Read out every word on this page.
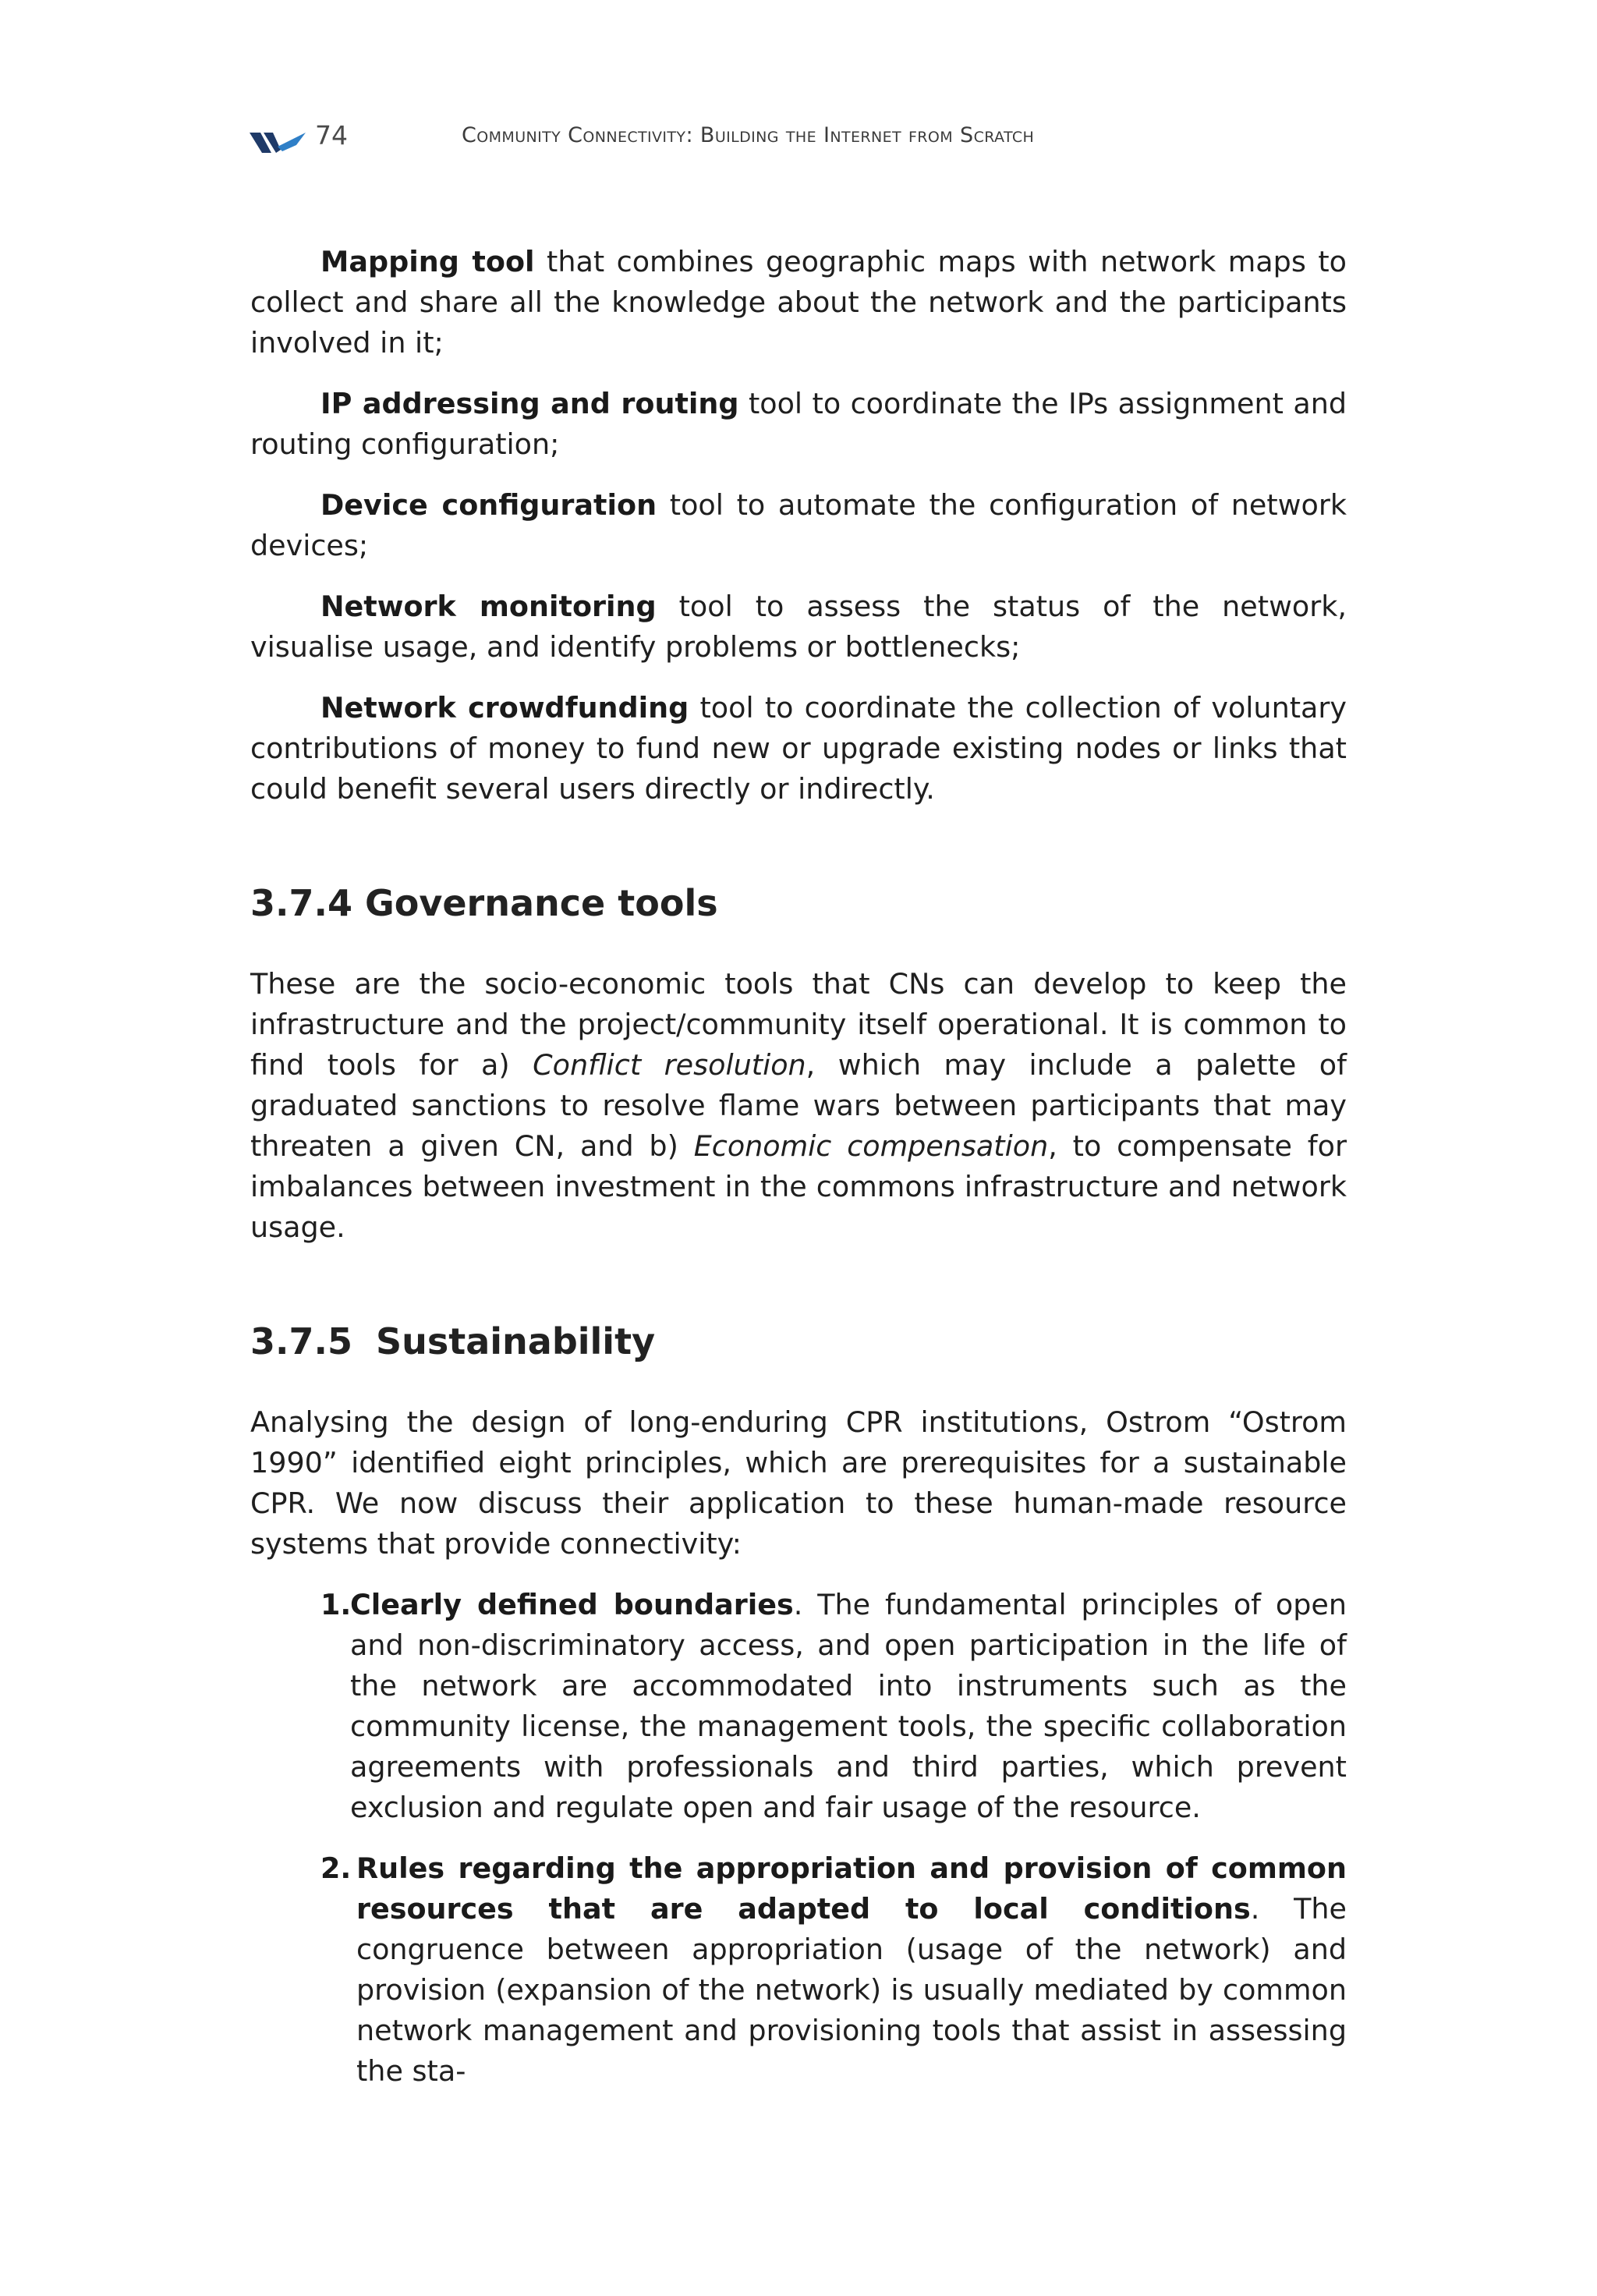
74	Community Connectivity: Building the Internet from Scratch

Mapping tool that combines geographic maps with network maps to collect and share all the knowledge about the network and the participants involved in it;

IP addressing and routing tool to coordinate the IPs assignment and routing configuration;

Device configuration tool to automate the configuration of network devices;

Network monitoring tool to assess the status of the network, visualise usage, and identify problems or bottlenecks;

Network crowdfunding tool to coordinate the collection of voluntary contributions of money to fund new or upgrade existing nodes or links that could benefit several users directly or indirectly.

3.7.4 Governance tools

These are the socio-economic tools that CNs can develop to keep the infrastructure and the project/community itself operational. It is common to find tools for a) Conflict resolution, which may include a palette of graduated sanctions to resolve flame wars between participants that may threaten a given CN, and b) Economic compensation, to compensate for imbalances between investment in the commons infrastructure and network usage.

3.7.5 Sustainability

Analysing the design of long-enduring CPR institutions, Ostrom “Ostrom 1990” identified eight principles, which are prerequisites for a sustainable CPR. We now discuss their application to these human-made resource systems that provide connectivity:

1.
Clearly defined boundaries. The fundamental principles of open and non-discriminatory access, and open participation in the life of the network are accommodated into instruments such as the community license, the management tools, the specific collaboration agreements with professionals and third parties, which prevent exclusion and regulate open and fair usage of the resource.
2. Rules regarding the appropriation and provision of common resources that are adapted to local conditions. The congruence between appropriation (usage of the network) and provision (expansion of the network) is usually mediated by common network management and provisioning tools that assist in assessing the sta-
